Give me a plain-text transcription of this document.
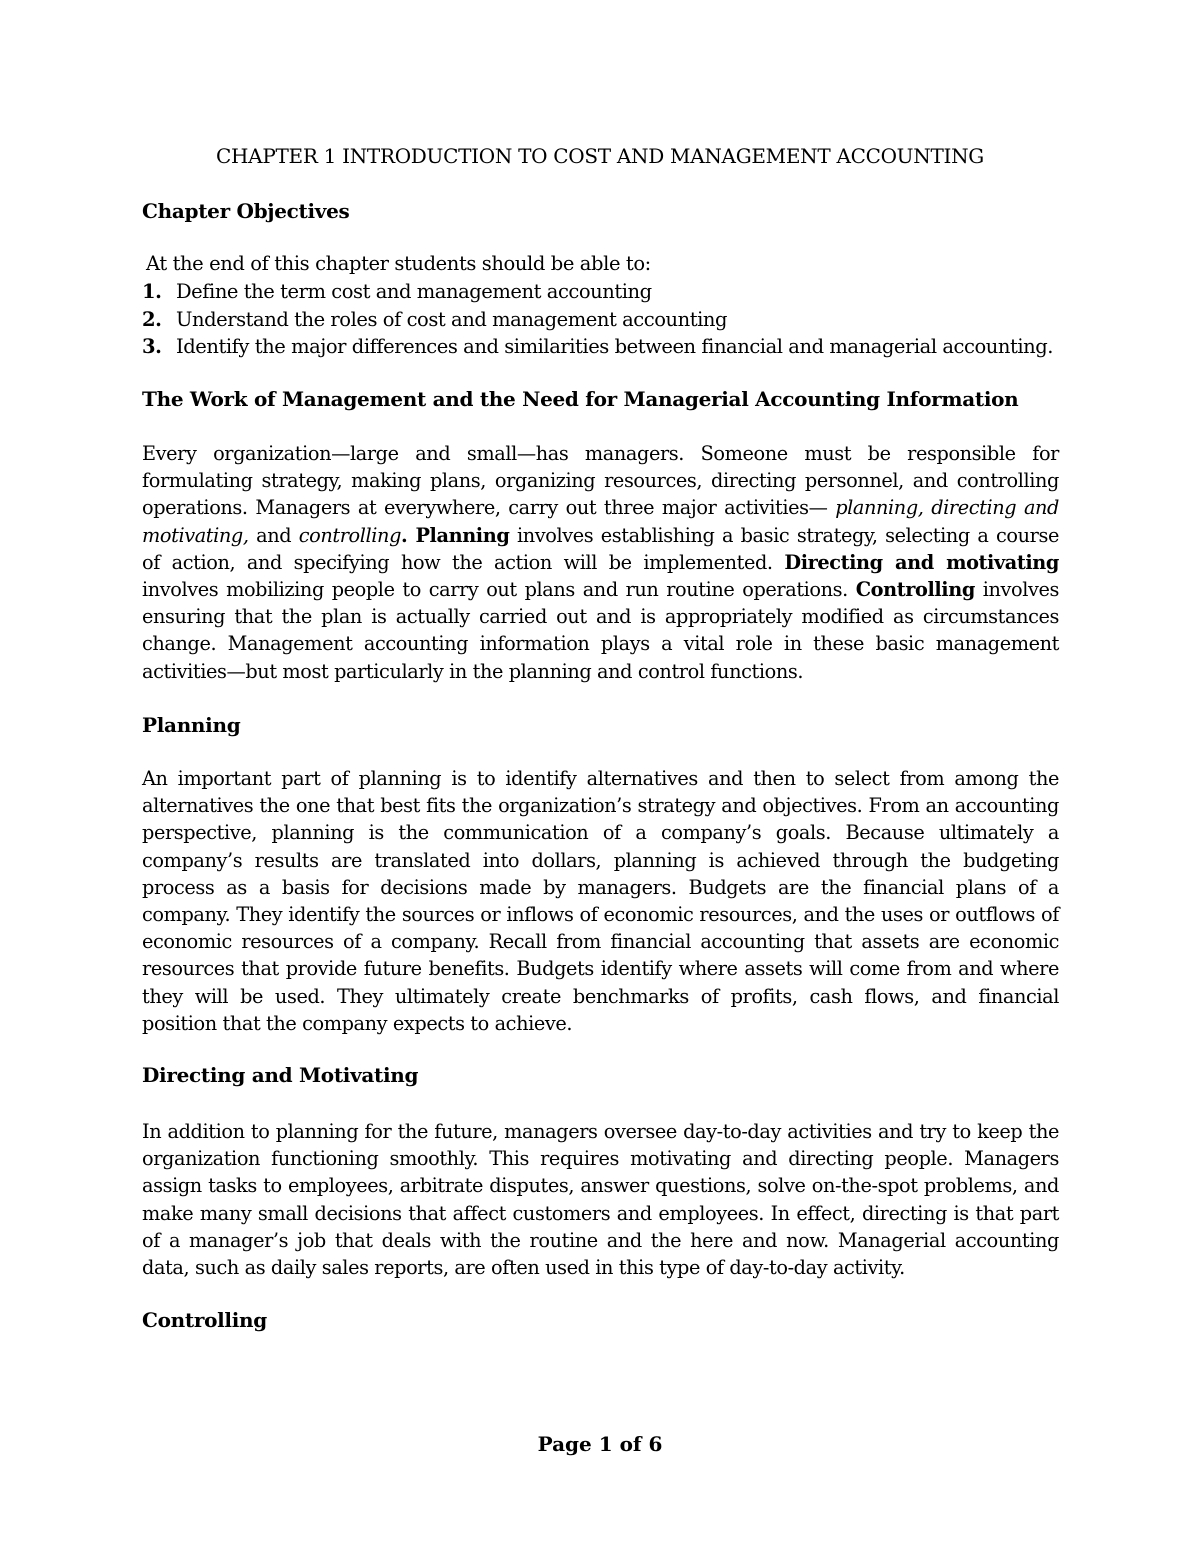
CHAPTER 1 INTRODUCTION TO COST AND MANAGEMENT ACCOUNTING
Chapter Objectives
At the end of this chapter students should be able to:
1. Define the term cost and management accounting
2. Understand the roles of cost and management accounting
3. Identify the major differences and similarities between financial and managerial accounting.
The Work of Management and the Need for Managerial Accounting Information
Every organization—large and small—has managers. Someone must be responsible for formulating strategy, making plans, organizing resources, directing personnel, and controlling operations. Managers at everywhere, carry out three major activities— planning, directing and motivating, and controlling. Planning involves establishing a basic strategy, selecting a course of action, and specifying how the action will be implemented. Directing and motivating involves mobilizing people to carry out plans and run routine operations. Controlling involves ensuring that the plan is actually carried out and is appropriately modified as circumstances change. Management accounting information plays a vital role in these basic management activities—but most particularly in the planning and control functions.
Planning
An important part of planning is to identify alternatives and then to select from among the alternatives the one that best fits the organization’s strategy and objectives. From an accounting perspective, planning is the communication of a company’s goals. Because ultimately a company’s results are translated into dollars, planning is achieved through the budgeting process as a basis for decisions made by managers. Budgets are the financial plans of a company. They identify the sources or inflows of economic resources, and the uses or outflows of economic resources of a company. Recall from financial accounting that assets are economic resources that provide future benefits. Budgets identify where assets will come from and where they will be used. They ultimately create benchmarks of profits, cash flows, and financial position that the company expects to achieve.
Directing and Motivating
In addition to planning for the future, managers oversee day-to-day activities and try to keep the organization functioning smoothly. This requires motivating and directing people. Managers assign tasks to employees, arbitrate disputes, answer questions, solve on-the-spot problems, and make many small decisions that affect customers and employees. In effect, directing is that part of a manager’s job that deals with the routine and the here and now. Managerial accounting data, such as daily sales reports, are often used in this type of day-to-day activity.
Controlling
Page 1 of 6
